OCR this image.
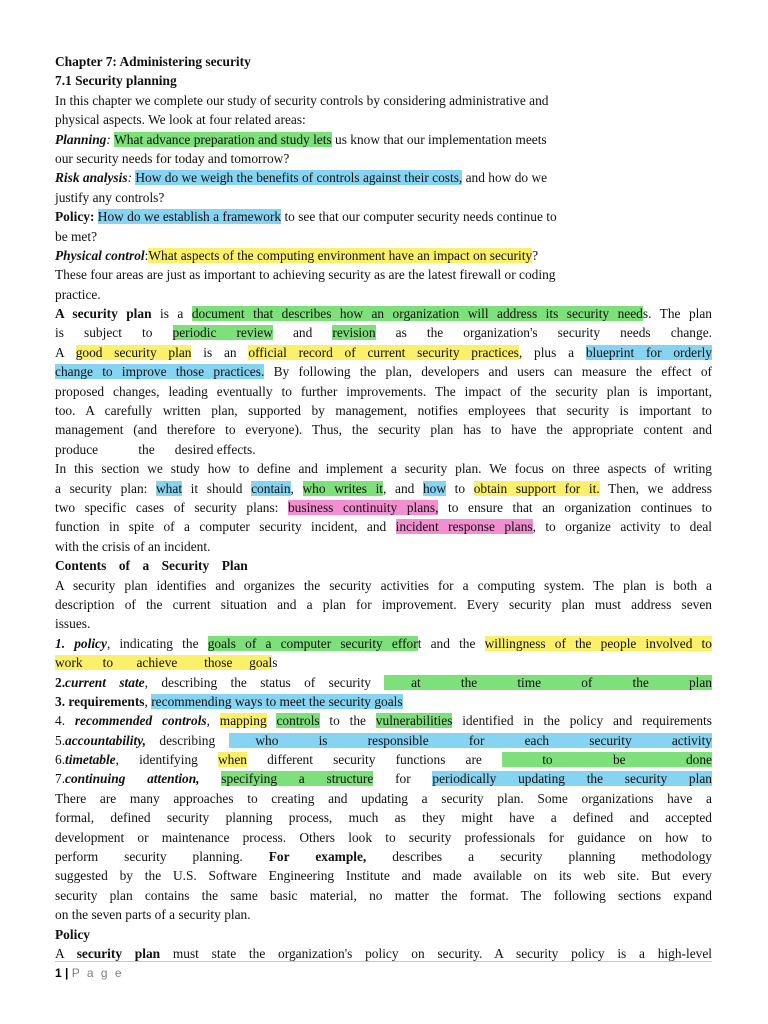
Chapter 7: Administering security
7.1 Security planning
In this chapter we complete our study of security controls by considering administrative and
physical aspects. We look at four related areas:
Planning: What advance preparation and study lets us know that our implementation meets
our security needs for today and tomorrow?
Risk analysis: How do we weigh the benefits of controls against their costs, and how do we
justify any controls?
Policy: How do we establish a framework to see that our computer security needs continue to
be met?
Physical control:What aspects of the computing environment have an impact on security?
These four areas are just as important to achieving security as are the latest firewall or coding
practice.
A security plan is a document that describes how an organization will address its security needs. The plan
is subject to periodic review and revision as the organization's security needs change.
A good security plan is an official record of current security practices, plus a blueprint for orderly
change to improve those practices. By following the plan, developers and users can measure the effect of
proposed changes, leading eventually to further improvements. The impact of the security plan is important,
too. A carefully written plan, supported by management, notifies employees that security is important to
management (and therefore to everyone). Thus, the security plan has to have the appropriate content and
produce            the      desired effects.
In this section we study how to define and implement a security plan. We focus on three aspects of writing
a security plan: what it should contain, who writes it, and how to obtain support for it. Then, we address
two specific cases of security plans: business continuity plans, to ensure that an organization continues to
function in spite of a computer security incident, and incident response plans, to organize activity to deal
with the crisis of an incident.
Contents of a Security Plan
A security plan identifies and organizes the security activities for a computing system. The plan is both a
description of the current situation and a plan for improvement. Every security plan must address seven
issues.
1. policy, indicating the goals of a computer security effort and the willingness of the people involved to
work      to       achieve        those     goals
2.current state, describing the status of security   at   the   time   of   the   plan
3. requirements, recommending ways to meet the security goals
4. recommended controls, mapping controls to the vulnerabilities identified in the policy and requirements
5.accountability, describing   who   is   responsible   for   each   security   activity
6.timetable, identifying when different security functions are   to   be   done
7.continuing attention, specifying a structure for periodically updating the security plan
There are many approaches to creating and updating a security plan. Some organizations have a
formal, defined security planning process, much as they might have a defined and accepted
development or maintenance process. Others look to security professionals for guidance on how to
perform security planning. For example, describes a security planning methodology
suggested by the U.S. Software Engineering Institute and made available on its web site. But every
security plan contains the same basic material, no matter the format. The following sections expand
on the seven parts of a security plan.
Policy
A security plan must state the organization's policy on security. A security policy is a high-level
1 | P a g e
